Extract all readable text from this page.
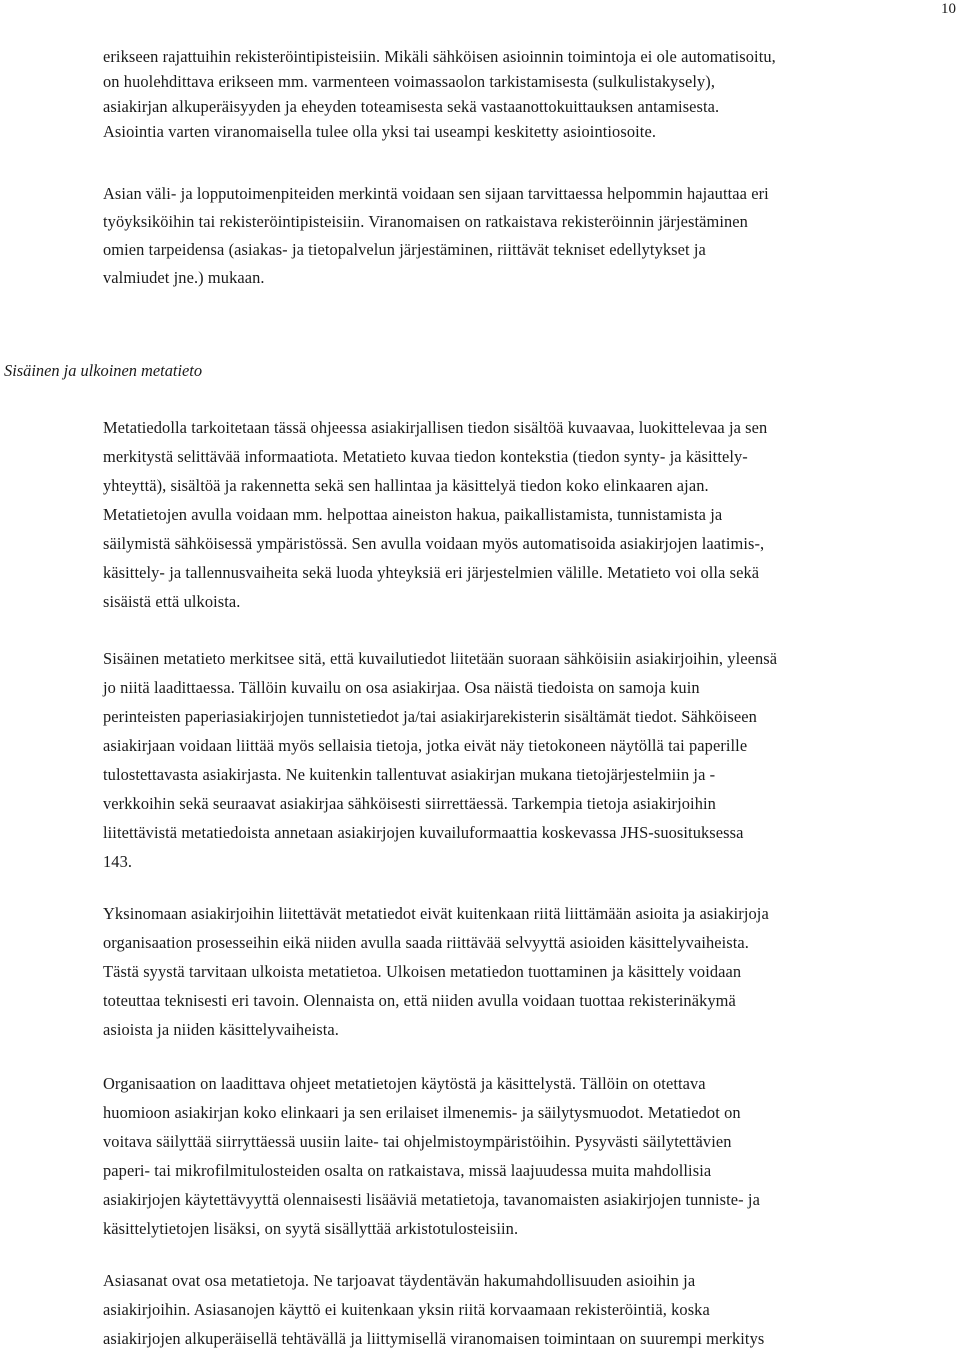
10
erikseen rajattuihin rekisteröintipisteisiin. Mikäli sähköisen asioinnin toimintoja ei ole automatisoitu,
on huolehdittava erikseen mm. varmenteen voimassaolon tarkistamisesta (sulkulistakysely),
asiakirjan alkuperäisyyden ja eheyden toteamisesta sekä vastaanottokuittauksen antamisesta.
Asiointia varten viranomaisella tulee olla yksi tai useampi keskitetty asiointiosoite.
Asian väli- ja lopputoimenpiteiden merkintä voidaan sen sijaan tarvittaessa helpommin hajauttaa eri
työyksiköihin tai rekisteröintipisteisiin. Viranomaisen on ratkaistava rekisteröinnin järjestäminen
omien tarpeidensa (asiakas- ja tietopalvelun järjestäminen, riittävät tekniset edellytykset ja
valmiudet jne.) mukaan.
Sisäinen ja ulkoinen metatieto
Metatiedolla tarkoitetaan tässä ohjeessa asiakirjallisen tiedon sisältöä kuvaavaa, luokittelevaa ja sen
merkitystä selittävää informaatiota. Metatieto kuvaa tiedon kontekstia (tiedon synty- ja käsittely-
yhteyttä), sisältöä ja rakennetta sekä sen hallintaa ja käsittelyä tiedon koko elinkaaren ajan.
Metatietojen avulla voidaan mm. helpottaa aineiston hakua, paikallistamista, tunnistamista ja
säilymistä sähköisessä ympäristössä. Sen avulla voidaan myös automatisoida asiakirjojen laatimis-,
käsittely- ja tallennusvaiheita sekä luoda yhteyksiä eri järjestelmien välille. Metatieto voi olla sekä
sisäistä että ulkoista.
Sisäinen metatieto merkitsee sitä, että kuvailutiedot liitetään suoraan sähköisiin asiakirjoihin, yleensä
jo niitä laadittaessa. Tällöin kuvailu on osa asiakirjaa. Osa näistä tiedoista on samoja kuin
perinteisten paperiasiakirjojen tunnistetiedot ja/tai asiakirjarekisterin sisältämät tiedot. Sähköiseen
asiakirjaan voidaan liittää myös sellaisia tietoja, jotka eivät näy tietokoneen näytöllä tai paperille
tulostettavasta asiakirjasta. Ne kuitenkin tallentuvat asiakirjan mukana tietojärjestelmiin ja -
verkkoihin sekä seuraavat asiakirjaa sähköisesti siirrettäessä. Tarkempia tietoja asiakirjoihin
liitettävistä metatiedoista annetaan asiakirjojen kuvailuformaattia koskevassa JHS-suosituksessa
143.
Yksinomaan asiakirjoihin liitettävät metatiedot eivät kuitenkaan riitä liittämään asioita ja asiakirjoja
organisaation prosesseihin eikä niiden avulla saada riittävää selvyyttä asioiden käsittelyvaiheista.
Tästä syystä tarvitaan ulkoista metatietoa. Ulkoisen metatiedon tuottaminen ja käsittely voidaan
toteuttaa teknisesti eri tavoin. Olennaista on, että niiden avulla voidaan tuottaa rekisterinäkymä
asioista ja niiden käsittelyvaiheista.
Organisaation on laadittava ohjeet metatietojen käytöstä ja käsittelystä. Tällöin on otettava
huomioon asiakirjan koko elinkaari ja sen erilaiset ilmenemis- ja säilytysmuodot. Metatiedot on
voitava säilyttää siirryttäessä uusiin laite- tai ohjelmistoympäristöihin. Pysyvästi säilytettävien
paperi- tai mikrofilmitulosteiden osalta on ratkaistava, missä laajuudessa muita mahdollisia
asiakirjojen käytettävyyttä olennaisesti lisääviä metatietoja, tavanomaisten asiakirjojen tunniste- ja
käsittelytietojen lisäksi, on syytä sisällyttää arkistotulosteisiin.
Asiasanat ovat osa metatietoja. Ne tarjoavat täydentävän hakumahdollisuuden asioihin ja
asiakirjoihin. Asiasanojen käyttö ei kuitenkaan yksin riitä korvaamaan rekisteröintiä, koska
asiakirjojen alkuperäisellä tehtävällä ja liittymisellä viranomaisen toimintaan on suurempi merkitys
